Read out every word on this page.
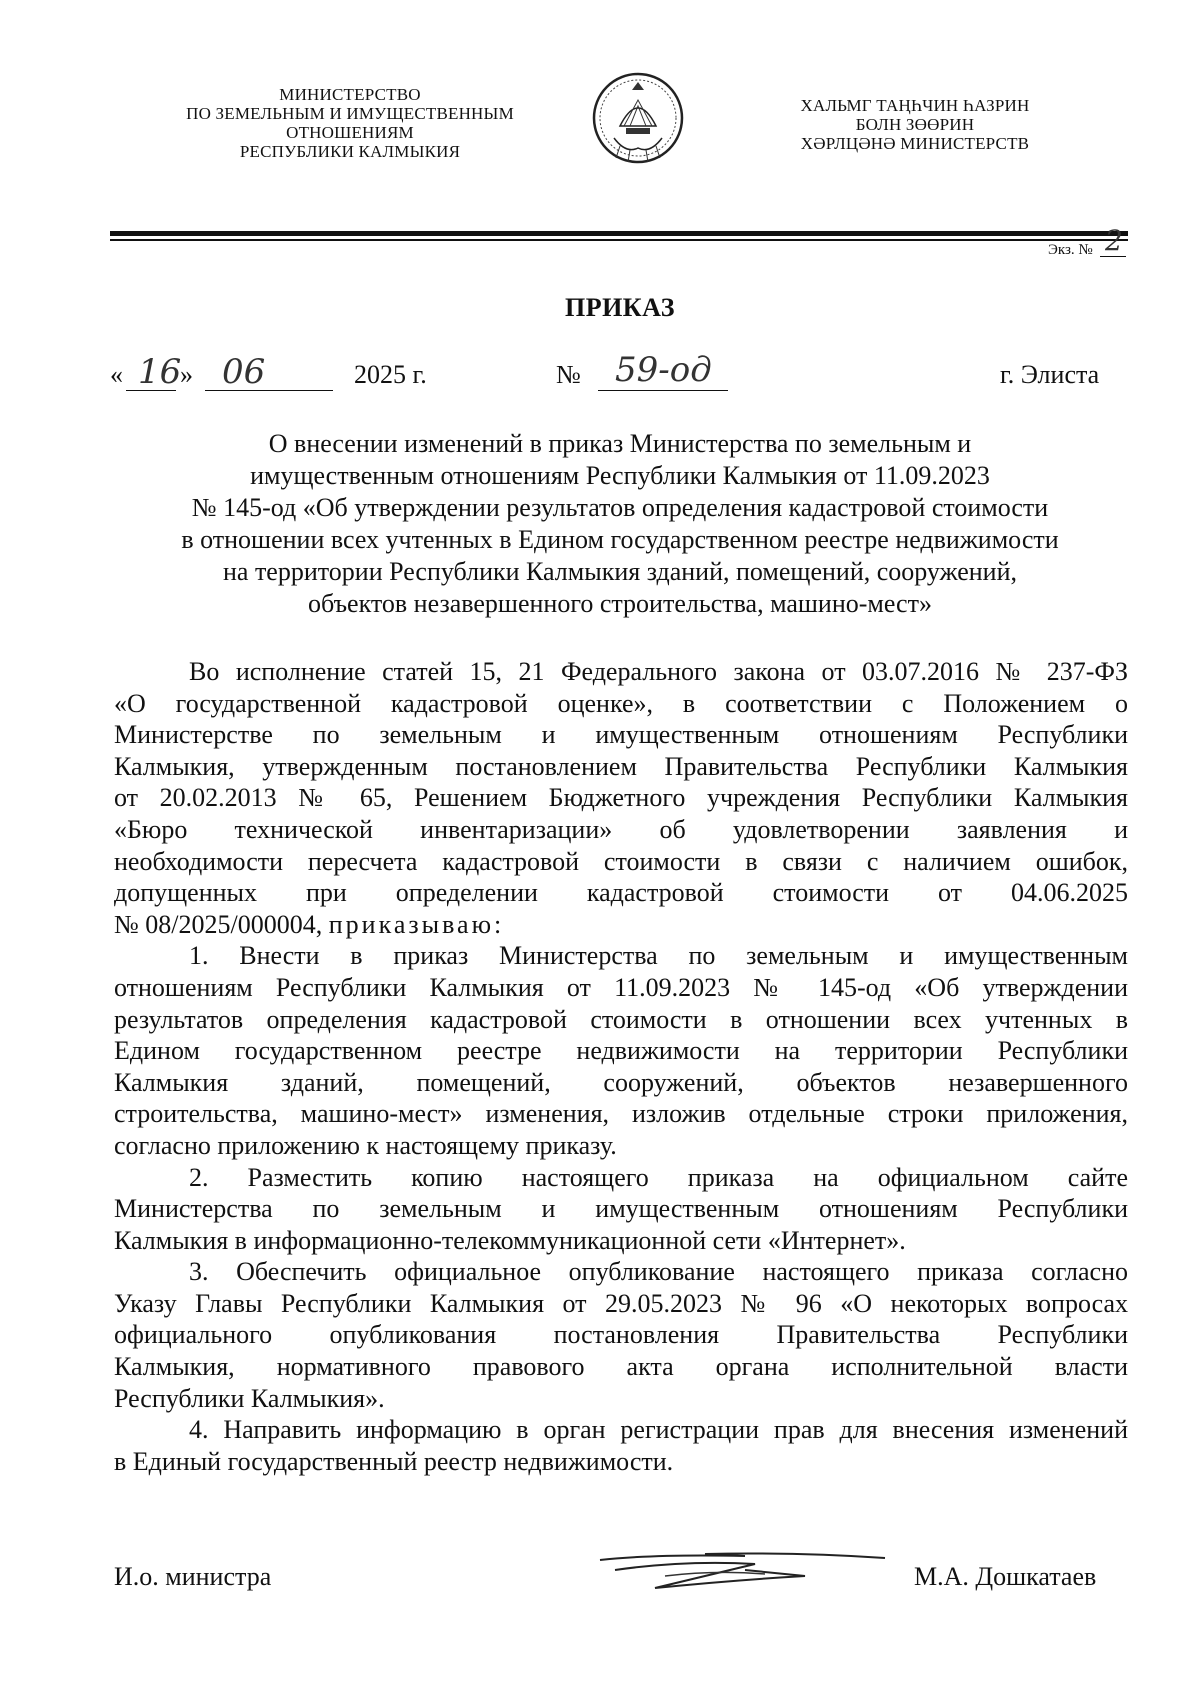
МИНИСТЕРСТВО
ПО ЗЕМЕЛЬНЫМ И ИМУЩЕСТВЕННЫМ
ОТНОШЕНИЯМ
РЕСПУБЛИКИ КАЛМЫКИЯ
ХАЛЬМГ ТАҢҺЧИН ҺАЗРИН
БОЛН ЗӨӨРИН
ХӘРЛЦӘНӘ МИНИСТЕРСТВ
Экз. № 2
ПРИКАЗ
« 16
» 06	2025 г.	№ 59-од	г. Элиста
О внесении изменений в приказ Министерства по земельным и
имущественным отношениям Республики Калмыкия от 11.09.2023
№ 145-од «Об утверждении результатов определения кадастровой стоимости
в отношении всех учтенных в Едином государственном реестре недвижимости
на территории Республики Калмыкия зданий, помещений, сооружений,
объектов незавершенного строительства, машино-мест»

Во исполнение статей 15, 21 Федерального закона от 03.07.2016 № 237-ФЗ

«О государственной кадастровой оценке», в соответствии с Положением о

Министерстве по земельным и имущественным отношениям Республики

Калмыкия, утвержденным постановлением Правительства Республики Калмыкия

от 20.02.2013 № 65, Решением Бюджетного учреждения Республики Калмыкия

«Бюро технической инвентаризации» об удовлетворении заявления и

необходимости пересчета кадастровой стоимости в связи с наличием ошибок,

допущенных при определении кадастровой стоимости от 04.06.2025

№ 08/2025/000004, приказываю:

1. Внести в приказ Министерства по земельным и имущественным

отношениям Республики Калмыкия от 11.09.2023 № 145-од «Об утверждении

результатов определения кадастровой стоимости в отношении всех учтенных в

Едином государственном реестре недвижимости на территории Республики

Калмыкия зданий, помещений, сооружений, объектов незавершенного

строительства, машино-мест» изменения, изложив отдельные строки приложения,

согласно приложению к настоящему приказу.

2. Разместить копию настоящего приказа на официальном сайте

Министерства по земельным и имущественным отношениям Республики

Калмыкия в информационно-телекоммуникационной сети «Интернет».

3. Обеспечить официальное опубликование настоящего приказа согласно

Указу Главы Республики Калмыкия от 29.05.2023 № 96 «О некоторых вопросах

официального опубликования постановления Правительства Республики

Калмыкия, нормативного правового акта органа исполнительной власти

Республики Калмыкия».

4. Направить информацию в орган регистрации прав для внесения изменений

в Единый государственный реестр недвижимости.

И.о. министра	М.А. Дошкатаев
